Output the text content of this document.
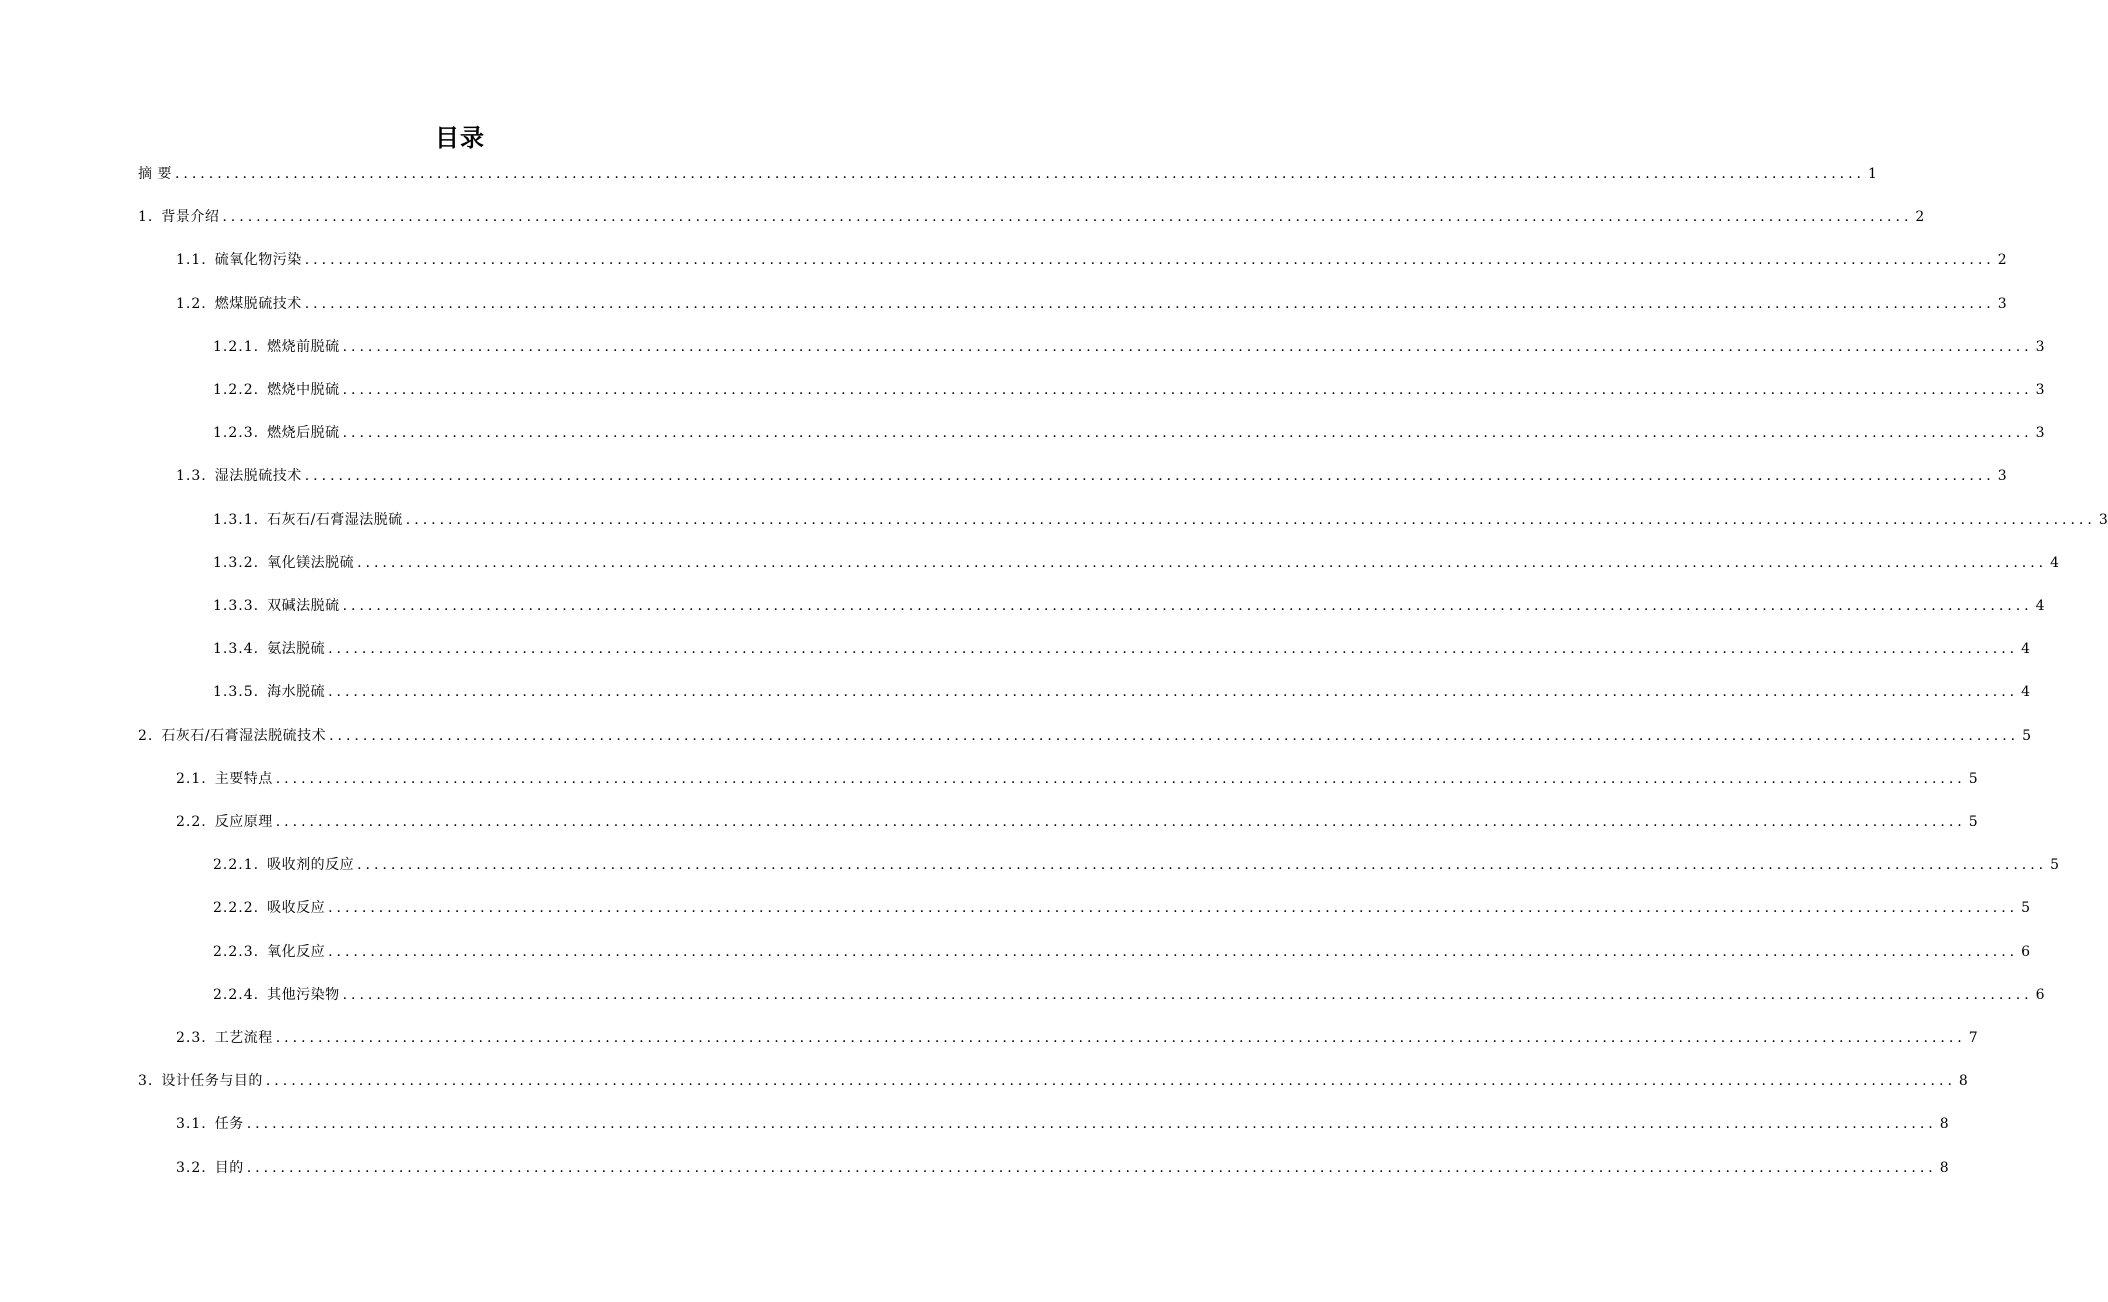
目录
摘 要 ........................................................................................................................................................................................................ 1
1. 背景介绍 ........................................................................................................................................................................................................ 2
1.1. 硫氧化物污染 ........................................................................................................................................................................................................ 2
1.2. 燃煤脱硫技术 ........................................................................................................................................................................................................ 3
1.2.1. 燃烧前脱硫 ........................................................................................................................................................................................................ 3
1.2.2. 燃烧中脱硫 ........................................................................................................................................................................................................ 3
1.2.3. 燃烧后脱硫 ........................................................................................................................................................................................................ 3
1.3. 湿法脱硫技术 ........................................................................................................................................................................................................ 3
1.3.1. 石灰石/石膏湿法脱硫 ........................................................................................................................................................................................................ 3
1.3.2. 氧化镁法脱硫 ........................................................................................................................................................................................................ 4
1.3.3. 双碱法脱硫 ........................................................................................................................................................................................................ 4
1.3.4. 氨法脱硫 ........................................................................................................................................................................................................ 4
1.3.5. 海水脱硫 ........................................................................................................................................................................................................ 4
2. 石灰石/石膏湿法脱硫技术 ........................................................................................................................................................................................................ 5
2.1. 主要特点 ........................................................................................................................................................................................................ 5
2.2. 反应原理 ........................................................................................................................................................................................................ 5
2.2.1. 吸收剂的反应 ........................................................................................................................................................................................................ 5
2.2.2. 吸收反应 ........................................................................................................................................................................................................ 5
2.2.3. 氧化反应 ........................................................................................................................................................................................................ 6
2.2.4. 其他污染物 ........................................................................................................................................................................................................ 6
2.3. 工艺流程 ........................................................................................................................................................................................................ 7
3. 设计任务与目的 ........................................................................................................................................................................................................ 8
3.1. 任务 ........................................................................................................................................................................................................ 8
3.2. 目的 ........................................................................................................................................................................................................ 8
